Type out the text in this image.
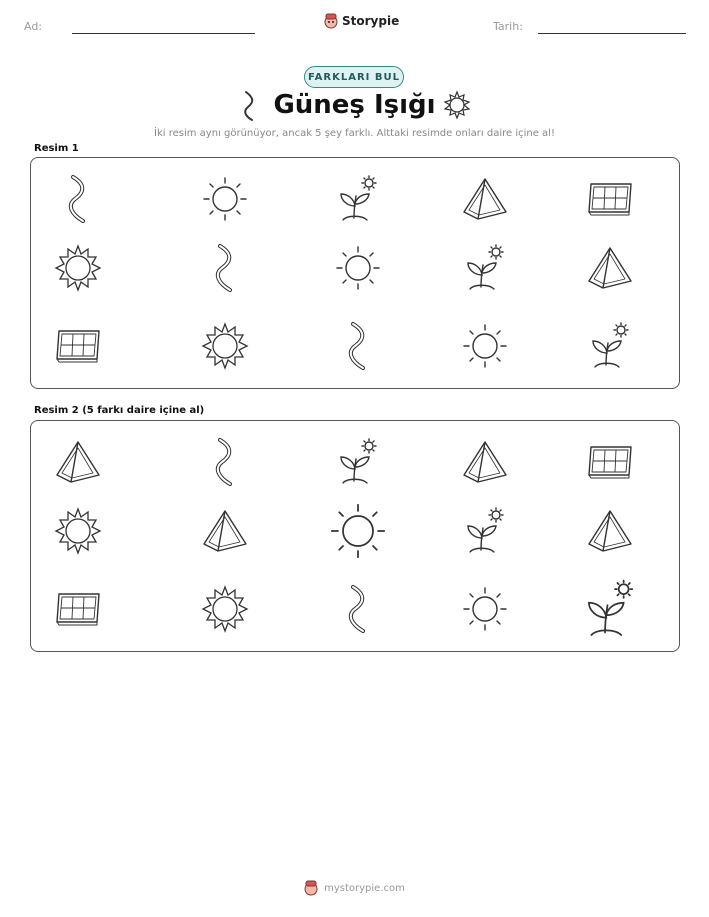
Ad:	Storypie	Tarih:
FARKLARI BUL
Güneş Işığı
İki resim aynı görünüyor, ancak 5 şey farklı. Alttaki resimde onları daire içine al!
Resim 1
Resim 2 (5 farkı daire içine al)
mystorypie.com
